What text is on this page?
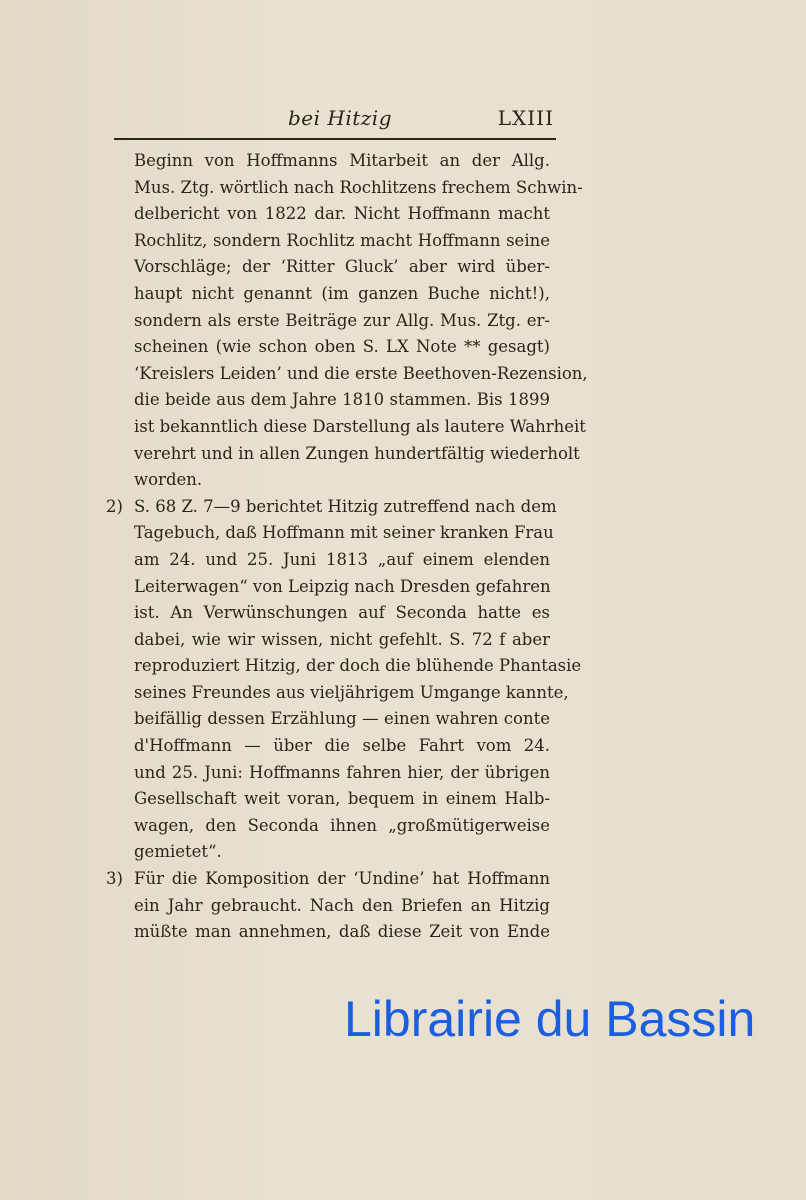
bei Hitzig	LXIII
Beginn von Hoffmanns Mitarbeit an der Allg.
Mus. Ztg. wörtlich nach Rochlitzens frechem Schwin-
delbericht von 1822 dar. Nicht Hoffmann macht
Rochlitz, sondern Rochlitz macht Hoffmann seine
Vorschläge; der ‘Ritter Gluck’ aber wird über-
haupt nicht genannt (im ganzen Buche nicht!),
sondern als erste Beiträge zur Allg. Mus. Ztg. er-
scheinen (wie schon oben S. LX Note ** gesagt)
‘Kreislers Leiden’ und die erste Beethoven-Rezension,
die beide aus dem Jahre 1810 stammen. Bis 1899
ist bekanntlich diese Darstellung als lautere Wahrheit
verehrt und in allen Zungen hundertfältig wiederholt
worden.
2) S. 68 Z. 7—9 berichtet Hitzig zutreffend nach dem
Tagebuch, daß Hoffmann mit seiner kranken Frau
am 24. und 25. Juni 1813 „auf einem elenden
Leiterwagen“ von Leipzig nach Dresden gefahren
ist. An Verwünschungen auf Seconda hatte es
dabei, wie wir wissen, nicht gefehlt. S. 72 f aber
reproduziert Hitzig, der doch die blühende Phantasie
seines Freundes aus vieljährigem Umgange kannte,
beifällig dessen Erzählung — einen wahren conte
d'Hoffmann — über die selbe Fahrt vom 24.
und 25. Juni: Hoffmanns fahren hier, der übrigen
Gesellschaft weit voran, bequem in einem Halb-
wagen, den Seconda ihnen „großmütigerweise
gemietet“.
3) Für die Komposition der ‘Undine’ hat Hoffmann
ein Jahr gebraucht. Nach den Briefen an Hitzig
müßte man annehmen, daß diese Zeit von Ende
Librairie du Bassin
